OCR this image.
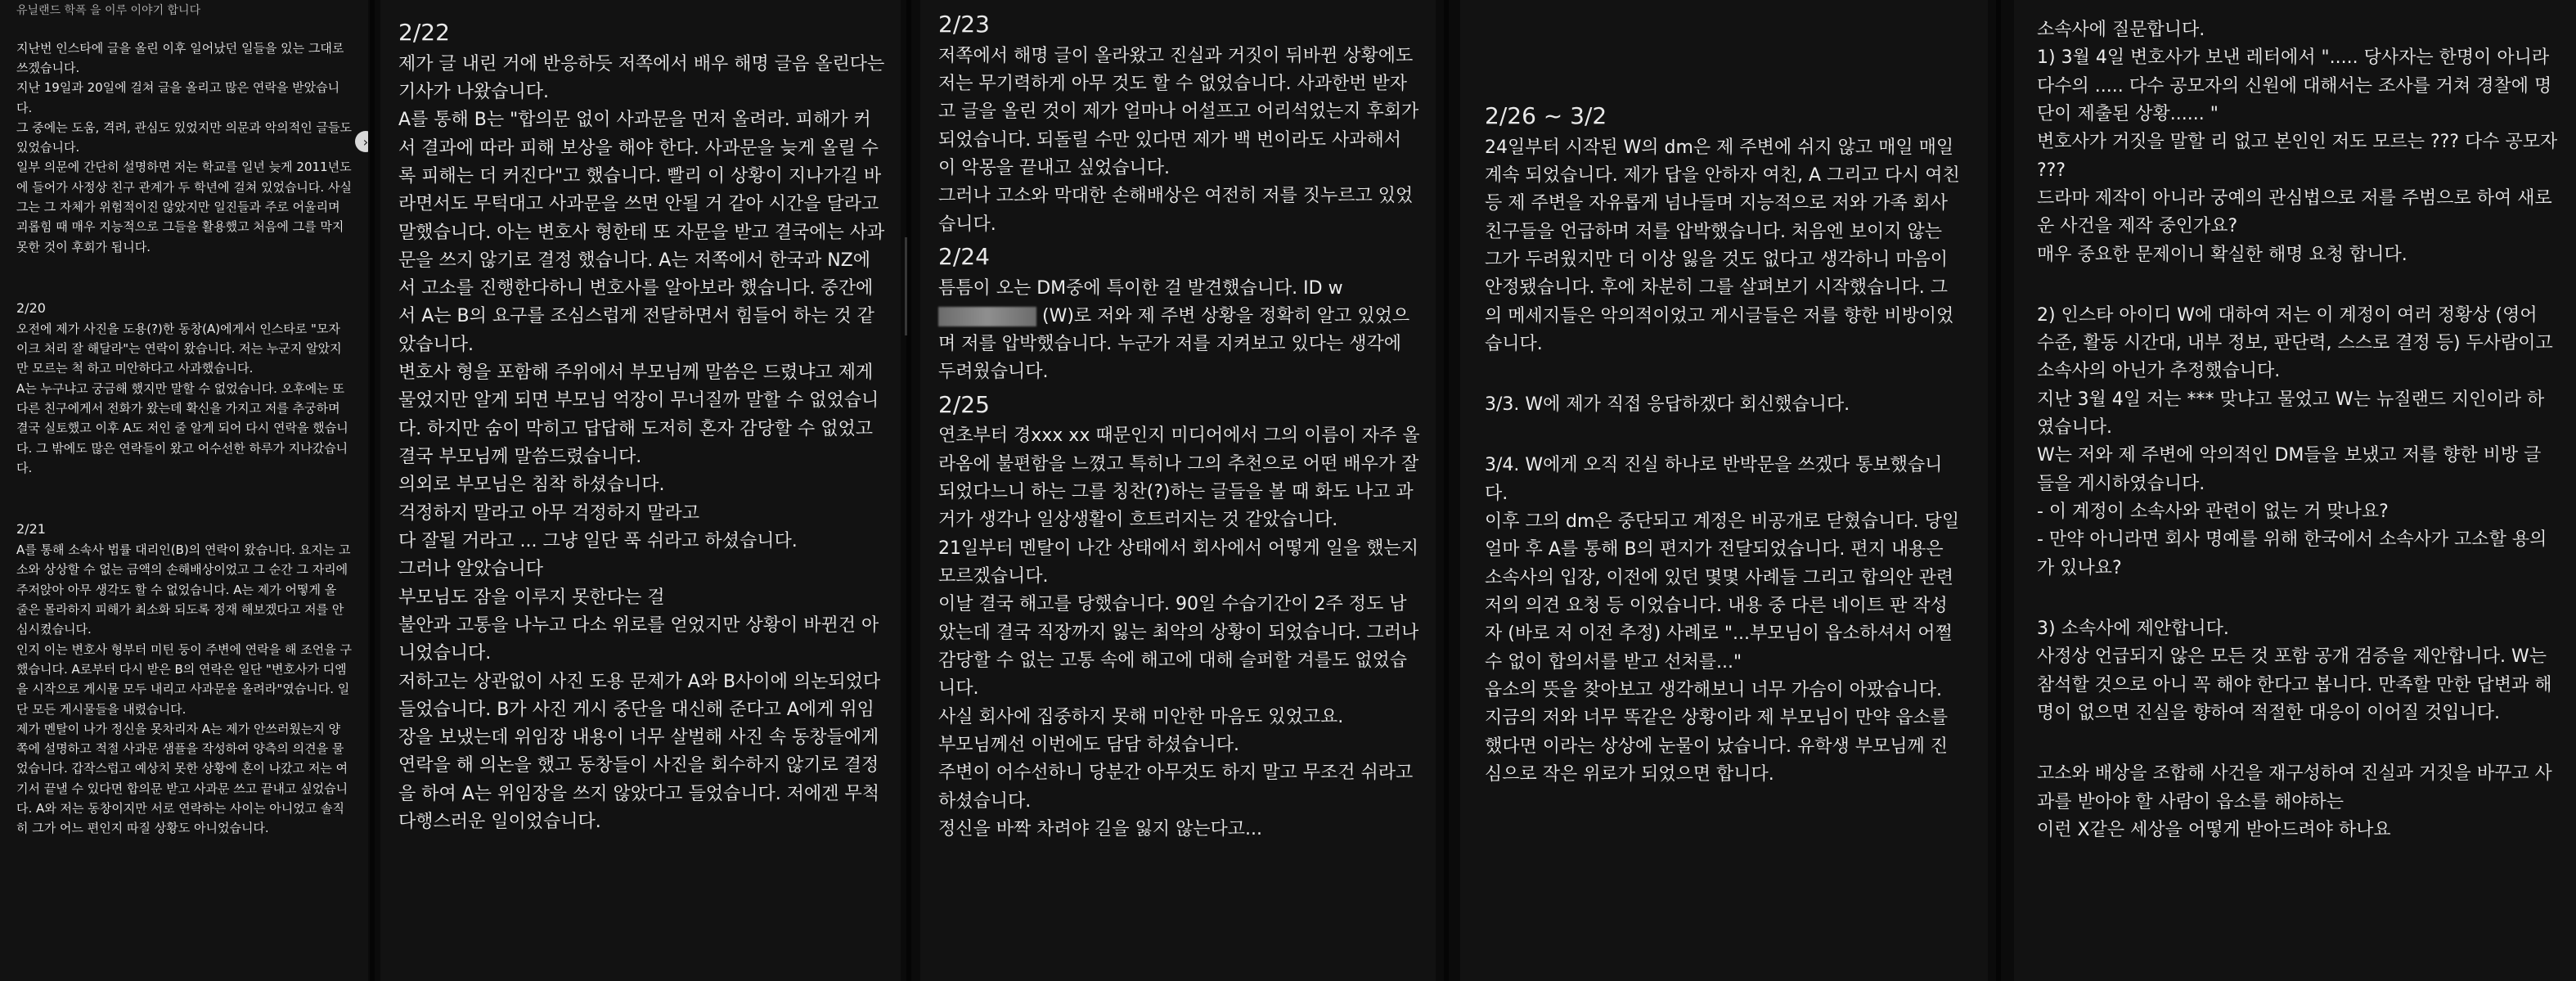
유닐랜드 학폭 을 이루 이야기 합니다

지난번 인스타에 글을 올린 이후 일어났던 일들을 있는 그대로 쓰겠습니다.

지난 19일과 20일에 걸쳐 글을 올리고 많은 연락을 받았습니다.

그 중에는 도움, 격려, 관심도 있었지만 의문과 악의적인 글들도 있었습니다.

일부 의문에 간단히 설명하면 저는 학교를 일년 늦게 2011년도에 들어가 사정상 친구 관계가 두 학년에 걸쳐 있었습니다. 사실 그는 그 자체가 위험적이진 않았지만 일진들과 주로 어울리며 괴롭힘 때 매우 지능적으로 그들을 활용했고 처음에 그를 막지 못한 것이 후회가 됩니다.

2/20

오전에 제가 사진을 도용(?)한 동창(A)에게서 인스타로 "모자이크 처리 잘 해달라"는 연락이 왔습니다. 저는 누군지 알았지만 모르는 척 하고 미안하다고 사과했습니다.

A는 누구냐고 궁금해 했지만 말할 수 없었습니다. 오후에는 또 다른 친구에게서 전화가 왔는데 확신을 가지고 저를 추궁하며 결국 실토했고 이후 A도 저인 줄 알게 되어 다시 연락을 했습니다. 그 밖에도 많은 연락들이 왔고 어수선한 하루가 지나갔습니다.

2/21

A를 통해 소속사 법률 대리인(B)의 연락이 왔습니다. 요지는 고소와 상상할 수 없는 금액의 손해배상이었고 그 순간 그 자리에 주저앉아 아무 생각도 할 수 없었습니다. A는 제가 어떻게 올 줄은 몰라하지 피해가 최소화 되도록 정재 해보겠다고 저를 안심시켰습니다.

인지 이는 변호사 형부터 미틴 둥이 주변에 연락을 해 조언을 구했습니다. A로부터 다시 받은 B의 연락은 일단 "변호사가 디엠을 시작으로 게시물 모두 내리고 사과문을 올려라"였습니다. 일단 모든 게시물들을 내렸습니다.

제가 멘탈이 나가 정신을 못차리자 A는 제가 안쓰러웠는지 양쪽에 설명하고 적절 사과문 샘플을 작성하여 양측의 의견을 물었습니다. 갑작스럽고 예상치 못한 상황에 혼이 나갔고 저는 여기서 끝낼 수 있다면 합의문 받고 사과문 쓰고 끝내고 싶었습니다. A와 저는 동창이지만 서로 연락하는 사이는 아니었고 솔직히 그가 어느 편인지 따질 상황도 아니었습니다.

›

2/22

제가 글 내린 거에 반응하듯 저쪽에서 배우 해명 글음 올린다는 기사가 나왔습니다.

A를 통해 B는 "합의문 없이 사과문을 먼저 올려라. 피해가 커서 결과에 따라 피해 보상을 해야 한다. 사과문을 늦게 올릴 수록 피해는 더 커진다"고 했습니다. 빨리 이 상황이 지나가길 바라면서도 무턱대고 사과문을 쓰면 안될 거 같아 시간을 달라고 말했습니다. 아는 변호사 형한테 또 자문을 받고 결국에는 사과문을 쓰지 않기로 결정 했습니다. A는 저쪽에서 한국과 NZ에서 고소를 진행한다하니 변호사를 알아보라 했습니다. 중간에서 A는 B의 요구를 조심스럽게 전달하면서 힘들어 하는 것 같았습니다.

변호사 형을 포함해 주위에서 부모님께 말씀은 드렸냐고 제게 물었지만 알게 되면 부모님 억장이 무너질까 말할 수 없었습니다. 하지만 숨이 막히고 답답해 도저히 혼자 감당할 수 없었고 결국 부모님께 말씀드렸습니다.

의외로 부모님은 침착 하셨습니다.

걱정하지 말라고 아무 걱정하지 말라고

다 잘될 거라고 ... 그냥 일단 푹 쉬라고 하셨습니다.

그러나 알았습니다

부모님도 잠을 이루지 못한다는 걸

불안과 고통을 나누고 다소 위로를 얻었지만 상황이 바뀐건 아니었습니다.

저하고는 상관없이 사진 도용 문제가 A와 B사이에 의논되었다 들었습니다. B가 사진 게시 중단을 대신해 준다고 A에게 위임장을 보냈는데 위임장 내용이 너무 살벌해 사진 속 동창들에게 연락을 해 의논을 했고 동창들이 사진을 회수하지 않기로 결정을 하여 A는 위임장을 쓰지 않았다고 들었습니다. 저에겐 무척 다행스러운 일이었습니다.

2/23

저쪽에서 해명 글이 올라왔고 진실과 거짓이 뒤바뀐 상황에도 저는 무기력하게 아무 것도 할 수 없었습니다. 사과한번 받자고 글을 올린 것이 제가 얼마나 어설프고 어리석었는지 후회가 되었습니다. 되돌릴 수만 있다면 제가 백 번이라도 사과해서 이 악몽을 끝내고 싶었습니다.

그러나 고소와 막대한 손해배상은 여전히 저를 짓누르고 있었습니다.

2/24

틈틈이 오는 DM중에 특이한 걸 발견했습니다. ID w (W)로 저와 제 주변 상황을 정확히 알고 있었으며 저를 압박했습니다. 누군가 저를 지켜보고 있다는 생각에 두려웠습니다.

2/25

연초부터 경xxx xx 때문인지 미디어에서 그의 이름이 자주 올라옴에 불편함을 느꼈고 특히나 그의 추천으로 어떤 배우가 잘 되었다느니 하는 그를 칭찬(?)하는 글들을 볼 때 화도 나고 과거가 생각나 일상생활이 흐트러지는 것 같았습니다.

21일부터 멘탈이 나간 상태에서 회사에서 어떻게 일을 했는지 모르겠습니다.

이날 결국 해고를 당했습니다. 90일 수습기간이 2주 정도 남았는데 결국 직장까지 잃는 최악의 상황이 되었습니다. 그러나 감당할 수 없는 고통 속에 해고에 대해 슬퍼할 겨를도 없었습니다.

사실 회사에 집중하지 못해 미안한 마음도 있었고요.

부모님께선 이번에도 담담 하셨습니다.

주변이 어수선하니 당분간 아무것도 하지 말고 무조건 쉬라고 하셨습니다.

정신을 바짝 차려야 길을 잃지 않는다고...

2/26 ~ 3/2

24일부터 시작된 W의 dm은 제 주변에 쉬지 않고 매일 매일 계속 되었습니다. 제가 답을 안하자 여친, A 그리고 다시 여친 등 제 주변을 자유롭게 넘나들며 지능적으로 저와 가족 회사 친구들을 언급하며 저를 압박했습니다. 처음엔 보이지 않는 그가 두려웠지만 더 이상 잃을 것도 없다고 생각하니 마음이 안정됐습니다. 후에 차분히 그를 살펴보기 시작했습니다. 그의 메세지들은 악의적이었고 게시글들은 저를 향한 비방이었습니다.

3/3. W에 제가 직접 응답하겠다 회신했습니다.

3/4. W에게 오직 진실 하나로 반박문을 쓰겠다 통보했습니다.

이후 그의 dm은 중단되고 계정은 비공개로 닫혔습니다. 당일 얼마 후 A를 통해 B의 편지가 전달되었습니다. 편지 내용은 소속사의 입장, 이전에 있던 몇몇 사례들 그리고 합의안 관련 저의 의견 요청 등 이었습니다. 내용 중 다른 네이트 판 작성자 (바로 저 이전 추정) 사례로 "...부모님이 읍소하셔서 어쩔 수 없이 합의서를 받고 선처를..."

읍소의 뜻을 찾아보고 생각해보니 너무 가슴이 아팠습니다. 지금의 저와 너무 똑같은 상황이라 제 부모님이 만약 읍소를 했다면 이라는 상상에 눈물이 났습니다. 유학생 부모님께 진심으로 작은 위로가 되었으면 합니다.

소속사에 질문합니다.

1) 3월 4일 변호사가 보낸 레터에서 "..... 당사자는 한명이 아니라 다수의 ..... 다수 공모자의 신원에 대해서는 조사를 거쳐 경찰에 명단이 제출된 상황...... "

변호사가 거짓을 말할 리 없고 본인인 저도 모르는 ??? 다수 공모자 ???

드라마 제작이 아니라 궁예의 관심법으로 저를 주범으로 하여 새로운 사건을 제작 중인가요?

매우 중요한 문제이니 확실한 해명 요청 합니다.

2) 인스타 아이디 W에 대하여 저는 이 계정이 여러 정황상 (영어 수준, 활동 시간대, 내부 정보, 판단력, 스스로 결정 등) 두사람이고 소속사의 아닌가 추정했습니다.

지난 3월 4일 저는 *** 맞냐고 물었고 W는 뉴질랜드 지인이라 하였습니다.

W는 저와 제 주변에 악의적인 DM들을 보냈고 저를 향한 비방 글들을 게시하였습니다.

- 이 계정이 소속사와 관련이 없는 거 맞나요?

- 만약 아니라면 회사 명예를 위해 한국에서 소속사가 고소할 용의가 있나요?

3) 소속사에 제안합니다.

사정상 언급되지 않은 모든 것 포함 공개 검증을 제안합니다. W는 참석할 것으로 아니 꼭 해야 한다고 봅니다. 만족할 만한 답변과 해명이 없으면 진실을 향하여 적절한 대응이 이어질 것입니다.

고소와 배상을 조합해 사건을 재구성하여 진실과 거짓을 바꾸고 사과를 받아야 할 사람이 읍소를 해야하는

이런 X같은 세상을 어떻게 받아드려야 하나요
